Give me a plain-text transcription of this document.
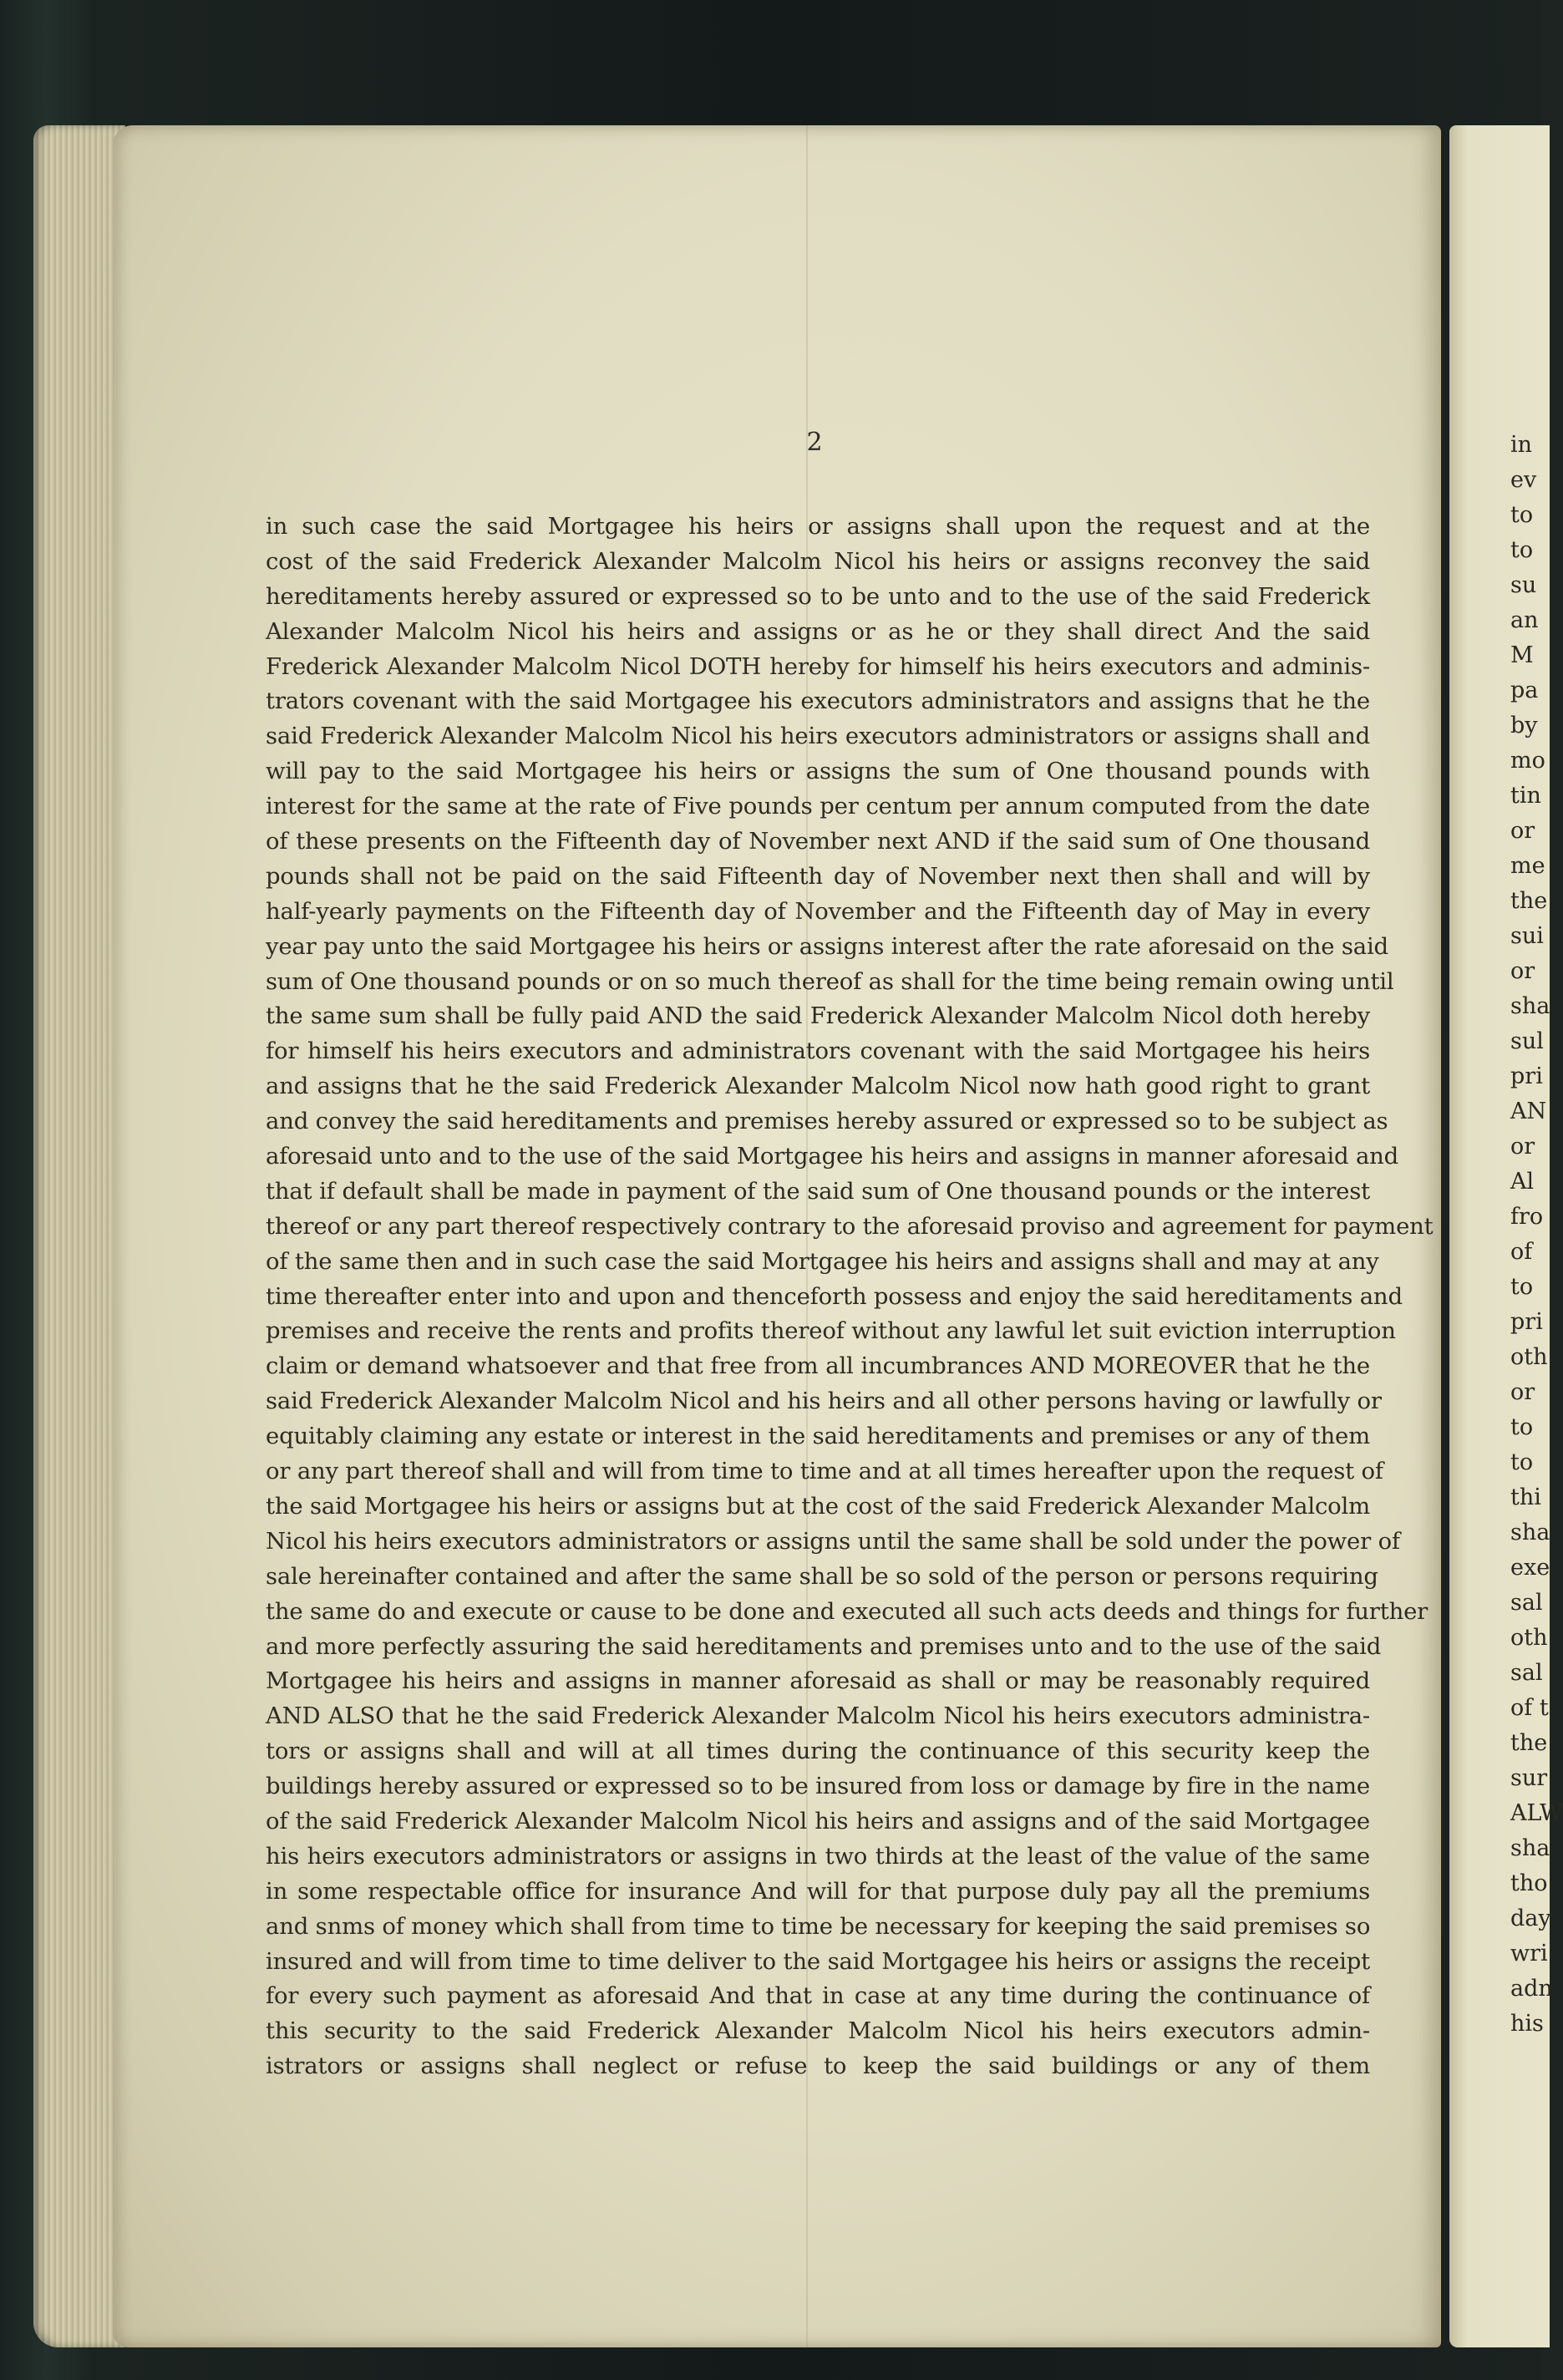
2
in such case the said Mortgagee his heirs or assigns shall upon the request and at the
cost of the said Frederick Alexander Malcolm Nicol his heirs or assigns reconvey the said
hereditaments hereby assured or expressed so to be unto and to the use of the said Frederick
Alexander Malcolm Nicol his heirs and assigns or as he or they shall direct And the said
Frederick Alexander Malcolm Nicol DOTH hereby for himself his heirs executors and adminis-
trators covenant with the said Mortgagee his executors administrators and assigns that he the
said Frederick Alexander Malcolm Nicol his heirs executors administrators or assigns shall and
will pay to the said Mortgagee his heirs or assigns the sum of One thousand pounds with
interest for the same at the rate of Five pounds per centum per annum computed from the date
of these presents on the Fifteenth day of November next AND if the said sum of One thousand
pounds shall not be paid on the said Fifteenth day of November next then shall and will by
half-yearly payments on the Fifteenth day of November and the Fifteenth day of May in every
year pay unto the said Mortgagee his heirs or assigns interest after the rate aforesaid on the said
sum of One thousand pounds or on so much thereof as shall for the time being remain owing until
the same sum shall be fully paid AND the said Frederick Alexander Malcolm Nicol doth hereby
for himself his heirs executors and administrators covenant with the said Mortgagee his heirs
and assigns that he the said Frederick Alexander Malcolm Nicol now hath good right to grant
and convey the said hereditaments and premises hereby assured or expressed so to be subject as
aforesaid unto and to the use of the said Mortgagee his heirs and assigns in manner aforesaid and
that if default shall be made in payment of the said sum of One thousand pounds or the interest
thereof or any part thereof respectively contrary to the aforesaid proviso and agreement for payment
of the same then and in such case the said Mortgagee his heirs and assigns shall and may at any
time thereafter enter into and upon and thenceforth possess and enjoy the said hereditaments and
premises and receive the rents and profits thereof without any lawful let suit eviction interruption
claim or demand whatsoever and that free from all incumbrances AND MOREOVER that he the
said Frederick Alexander Malcolm Nicol and his heirs and all other persons having or lawfully or
equitably claiming any estate or interest in the said hereditaments and premises or any of them
or any part thereof shall and will from time to time and at all times hereafter upon the request of
the said Mortgagee his heirs or assigns but at the cost of the said Frederick Alexander Malcolm
Nicol his heirs executors administrators or assigns until the same shall be sold under the power of
sale hereinafter contained and after the same shall be so sold of the person or persons requiring
the same do and execute or cause to be done and executed all such acts deeds and things for further
and more perfectly assuring the said hereditaments and premises unto and to the use of the said
Mortgagee his heirs and assigns in manner aforesaid as shall or may be reasonably required
AND ALSO that he the said Frederick Alexander Malcolm Nicol his heirs executors administra-
tors or assigns shall and will at all times during the continuance of this security keep the
buildings hereby assured or expressed so to be insured from loss or damage by fire in the name
of the said Frederick Alexander Malcolm Nicol his heirs and assigns and of the said Mortgagee
his heirs executors administrators or assigns in two thirds at the least of the value of the same
in some respectable office for insurance And will for that purpose duly pay all the premiums
and snms of money which shall from time to time be necessary for keeping the said premises so
insured and will from time to time deliver to the said Mortgagee his heirs or assigns the receipt
for every such payment as aforesaid And that in case at any time during the continuance of
this security to the said Frederick Alexander Malcolm Nicol his heirs executors admin-
istrators or assigns shall neglect or refuse to keep the said buildings or any of them
in
ev
to
to
su
an
M
pa
by
mo
tin
or
me
the
sui
or
sha
sul
pri
AN
or
Al
fro
of
to
pri
oth
or
to
to
thi
sha
exe
sal
oth
sal
of t
the
sur
ALW
sha
tho
day
wri
adn
his
